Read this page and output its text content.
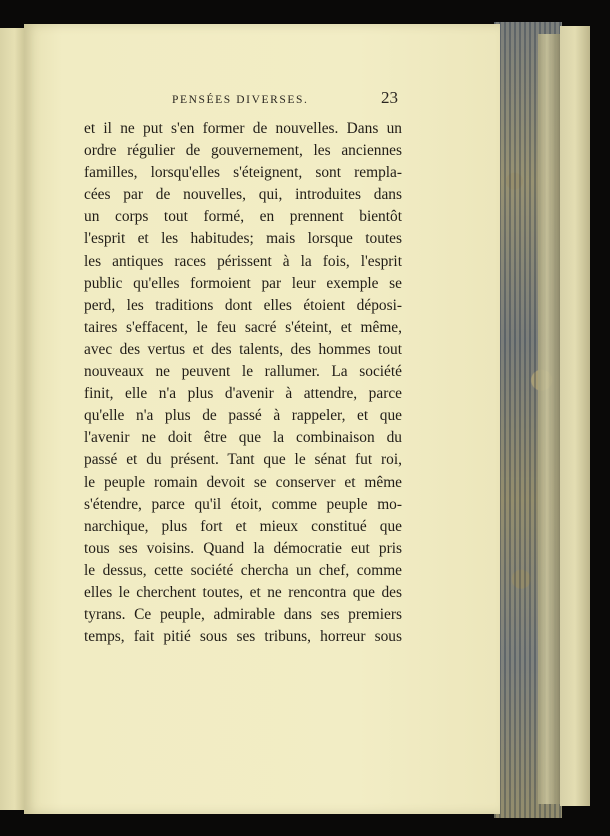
PENSÉES DIVERSES.	23
et il ne put s'en former de nouvelles. Dans un
ordre régulier de gouvernement, les anciennes
familles, lorsqu'elles s'éteignent, sont rempla-
cées par de nouvelles, qui, introduites dans
un corps tout formé, en prennent bientôt
l'esprit et les habitudes; mais lorsque toutes
les antiques races périssent à la fois, l'esprit
public qu'elles formoient par leur exemple se
perd, les traditions dont elles étoient déposi-
taires s'effacent, le feu sacré s'éteint, et même,
avec des vertus et des talents, des hommes tout
nouveaux ne peuvent le rallumer. La société
finit, elle n'a plus d'avenir à attendre, parce
qu'elle n'a plus de passé à rappeler, et que
l'avenir ne doit être que la combinaison du
passé et du présent. Tant que le sénat fut roi,
le peuple romain devoit se conserver et même
s'étendre, parce qu'il étoit, comme peuple mo-
narchique, plus fort et mieux constitué que
tous ses voisins. Quand la démocratie eut pris
le dessus, cette société chercha un chef, comme
elles le cherchent toutes, et ne rencontra que des
tyrans. Ce peuple, admirable dans ses premiers
temps, fait pitié sous ses tribuns, horreur sous
